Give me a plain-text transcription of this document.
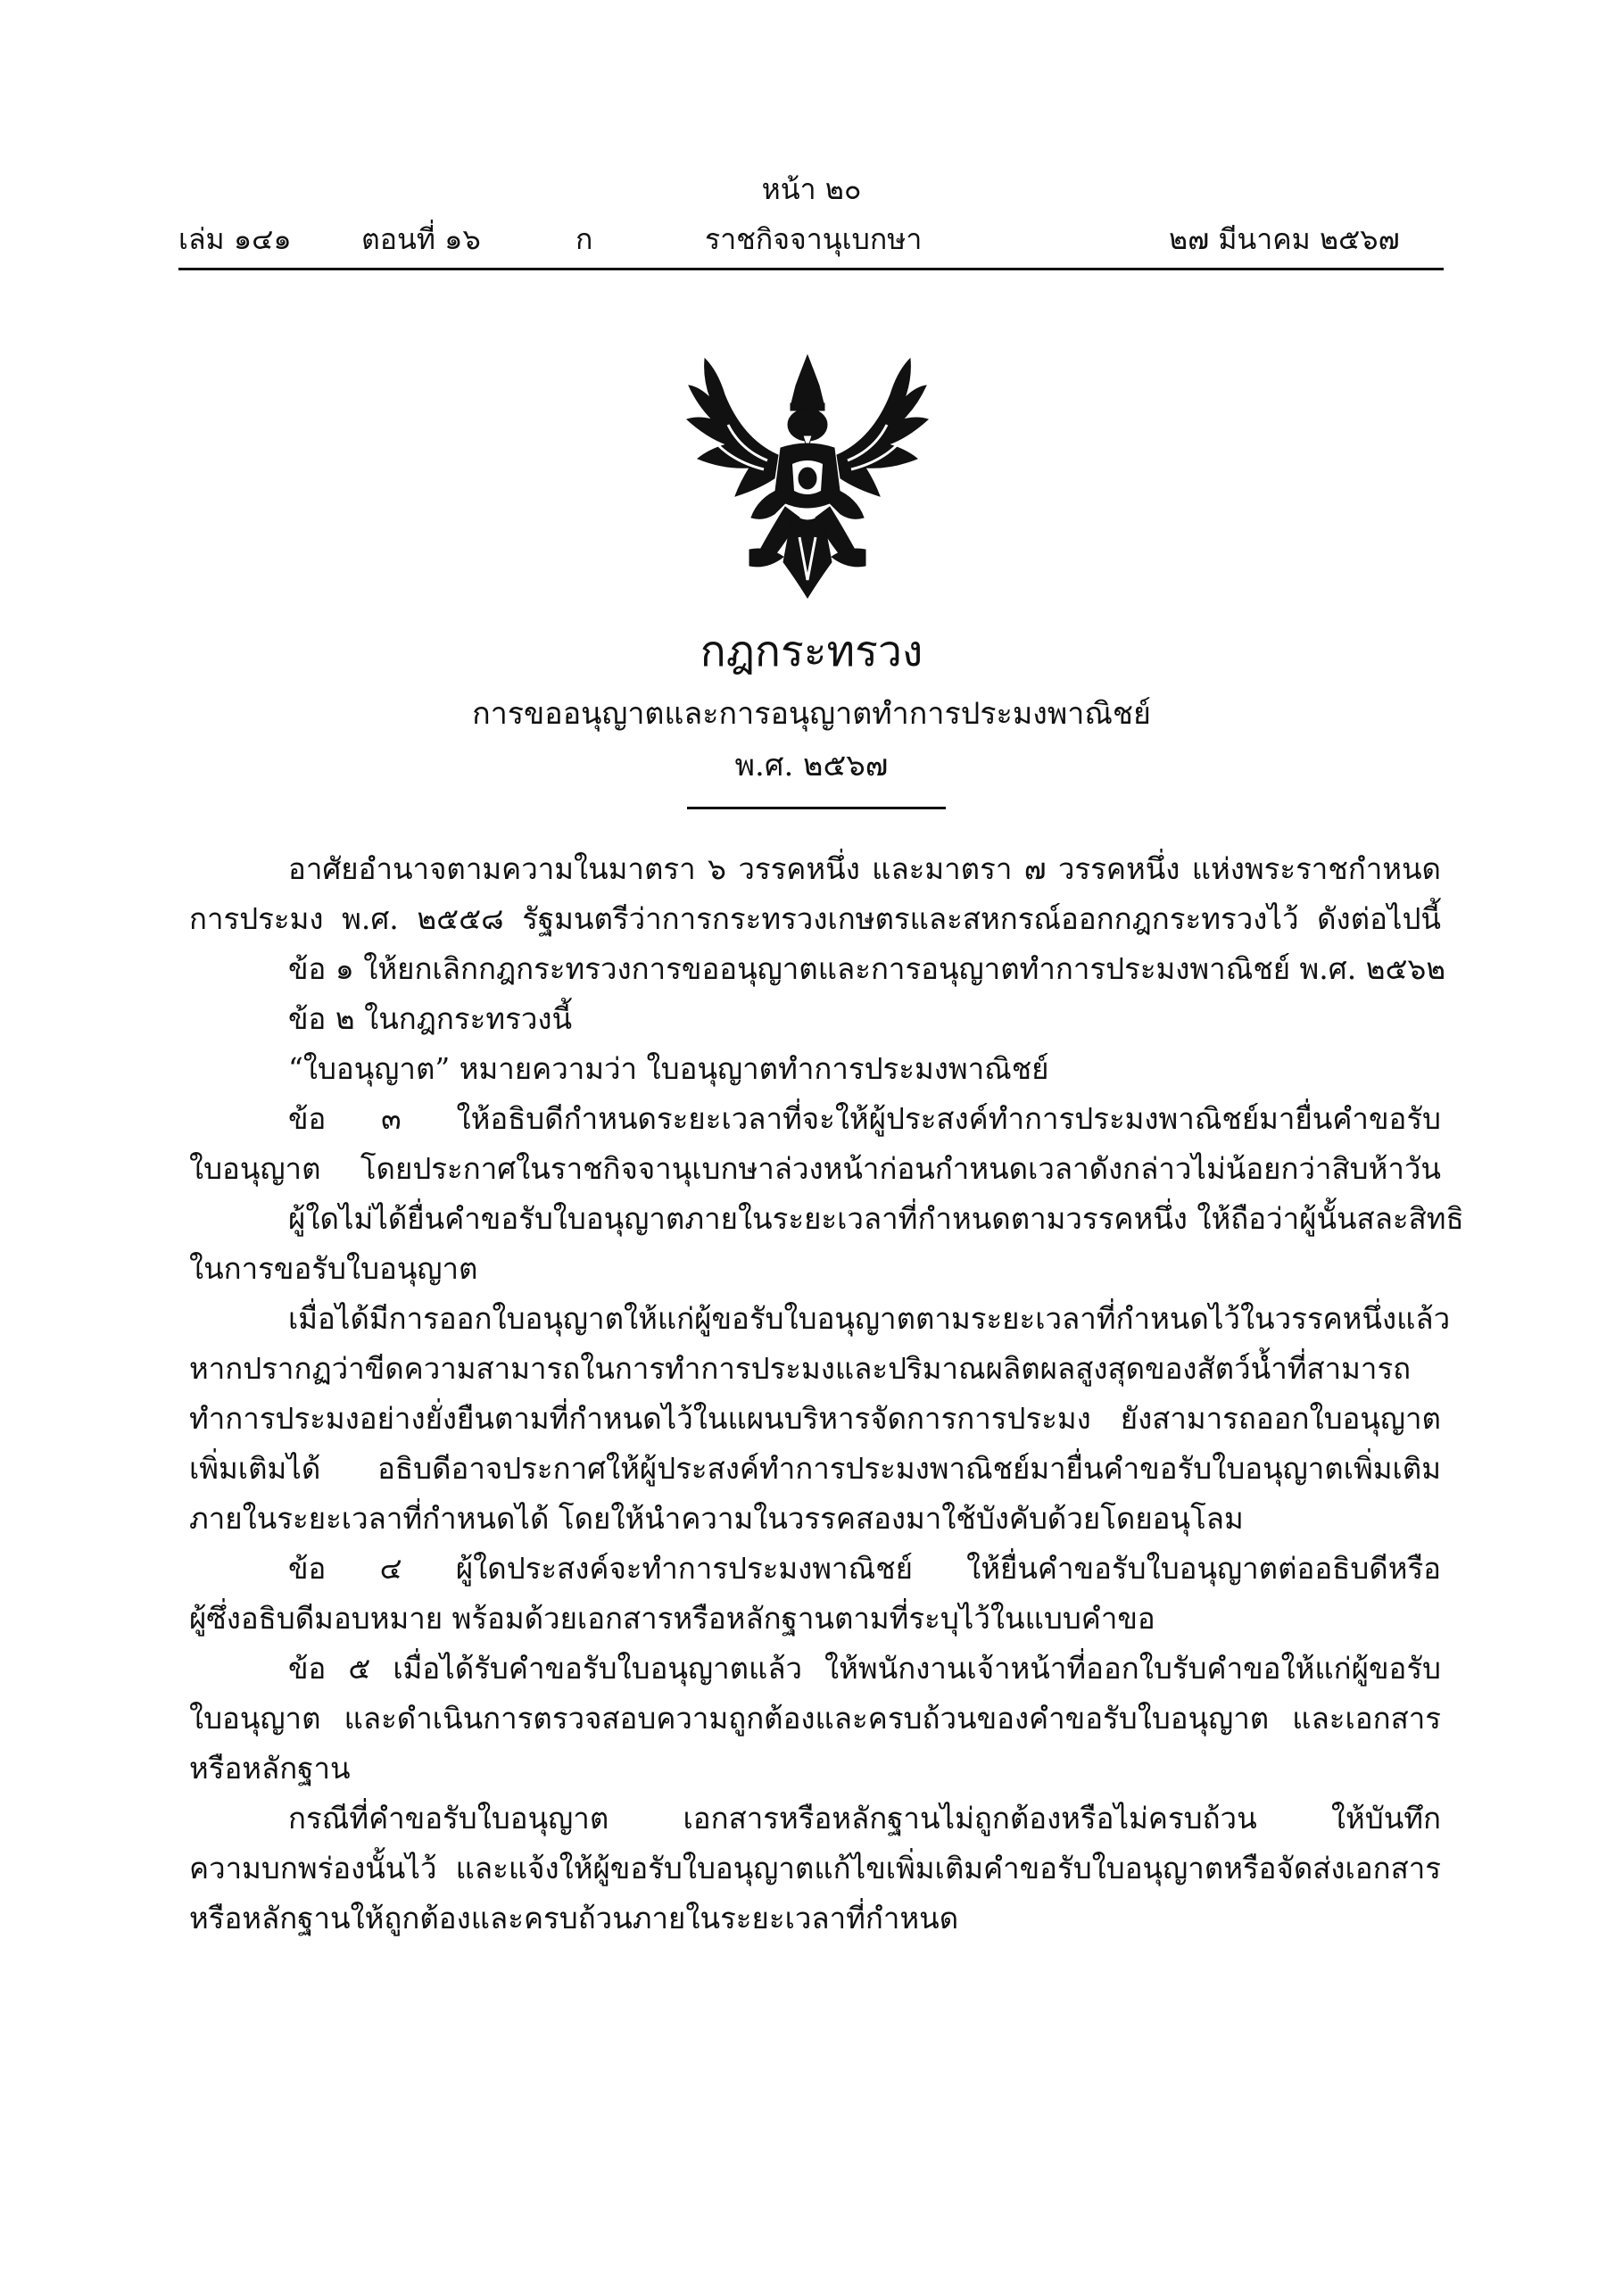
หน้า ๒๐
เล่ม ๑๔๑ ตอนที่ ๑๖	ก	ราชกิจจานุเบกษา	๒๗ มีนาคม ๒๕๖๗
กฎกระทรวง
การขออนุญาตและการอนุญาตทำการประมงพาณิชย์
พ.ศ. ๒๕๖๗
อาศัยอำนาจตามความในมาตรา ๖ วรรคหนึ่ง และมาตรา ๗ วรรคหนึ่ง แห่งพระราชกำหนด
การประมง พ.ศ. ๒๕๕๘ รัฐมนตรีว่าการกระทรวงเกษตรและสหกรณ์ออกกฎกระทรวงไว้ ดังต่อไปนี้
ข้อ ๑ ให้ยกเลิกกฎกระทรวงการขออนุญาตและการอนุญาตทำการประมงพาณิชย์ พ.ศ. ๒๕๖๒
ข้อ ๒ ในกฎกระทรวงนี้
“ใบอนุญาต” หมายความว่า ใบอนุญาตทำการประมงพาณิชย์
ข้อ ๓ ให้อธิบดีกำหนดระยะเวลาที่จะให้ผู้ประสงค์ทำการประมงพาณิชย์มายื่นคำขอรับ
ใบอนุญาต โดยประกาศในราชกิจจานุเบกษาล่วงหน้าก่อนกำหนดเวลาดังกล่าวไม่น้อยกว่าสิบห้าวัน
ผู้ใดไม่ได้ยื่นคำขอรับใบอนุญาตภายในระยะเวลาที่กำหนดตามวรรคหนึ่ง ให้ถือว่าผู้นั้นสละสิทธิ
ในการขอรับใบอนุญาต
เมื่อได้มีการออกใบอนุญาตให้แก่ผู้ขอรับใบอนุญาตตามระยะเวลาที่กำหนดไว้ในวรรคหนึ่งแล้ว
หากปรากฏว่าขีดความสามารถในการทำการประมงและปริมาณผลิตผลสูงสุดของสัตว์น้ำที่สามารถ
ทำการประมงอย่างยั่งยืนตามที่กำหนดไว้ในแผนบริหารจัดการการประมง ยังสามารถออกใบอนุญาต
เพิ่มเติมได้ อธิบดีอาจประกาศให้ผู้ประสงค์ทำการประมงพาณิชย์มายื่นคำขอรับใบอนุญาตเพิ่มเติม
ภายในระยะเวลาที่กำหนดได้ โดยให้นำความในวรรคสองมาใช้บังคับด้วยโดยอนุโลม
ข้อ ๔ ผู้ใดประสงค์จะทำการประมงพาณิชย์ ให้ยื่นคำขอรับใบอนุญาตต่ออธิบดีหรือ
ผู้ซึ่งอธิบดีมอบหมาย พร้อมด้วยเอกสารหรือหลักฐานตามที่ระบุไว้ในแบบคำขอ
ข้อ ๕ เมื่อได้รับคำขอรับใบอนุญาตแล้ว ให้พนักงานเจ้าหน้าที่ออกใบรับคำขอให้แก่ผู้ขอรับ
ใบอนุญาต และดำเนินการตรวจสอบความถูกต้องและครบถ้วนของคำขอรับใบอนุญาต และเอกสาร
หรือหลักฐาน
กรณีที่คำขอรับใบอนุญาต เอกสารหรือหลักฐานไม่ถูกต้องหรือไม่ครบถ้วน ให้บันทึก
ความบกพร่องนั้นไว้ และแจ้งให้ผู้ขอรับใบอนุญาตแก้ไขเพิ่มเติมคำขอรับใบอนุญาตหรือจัดส่งเอกสาร
หรือหลักฐานให้ถูกต้องและครบถ้วนภายในระยะเวลาที่กำหนด
